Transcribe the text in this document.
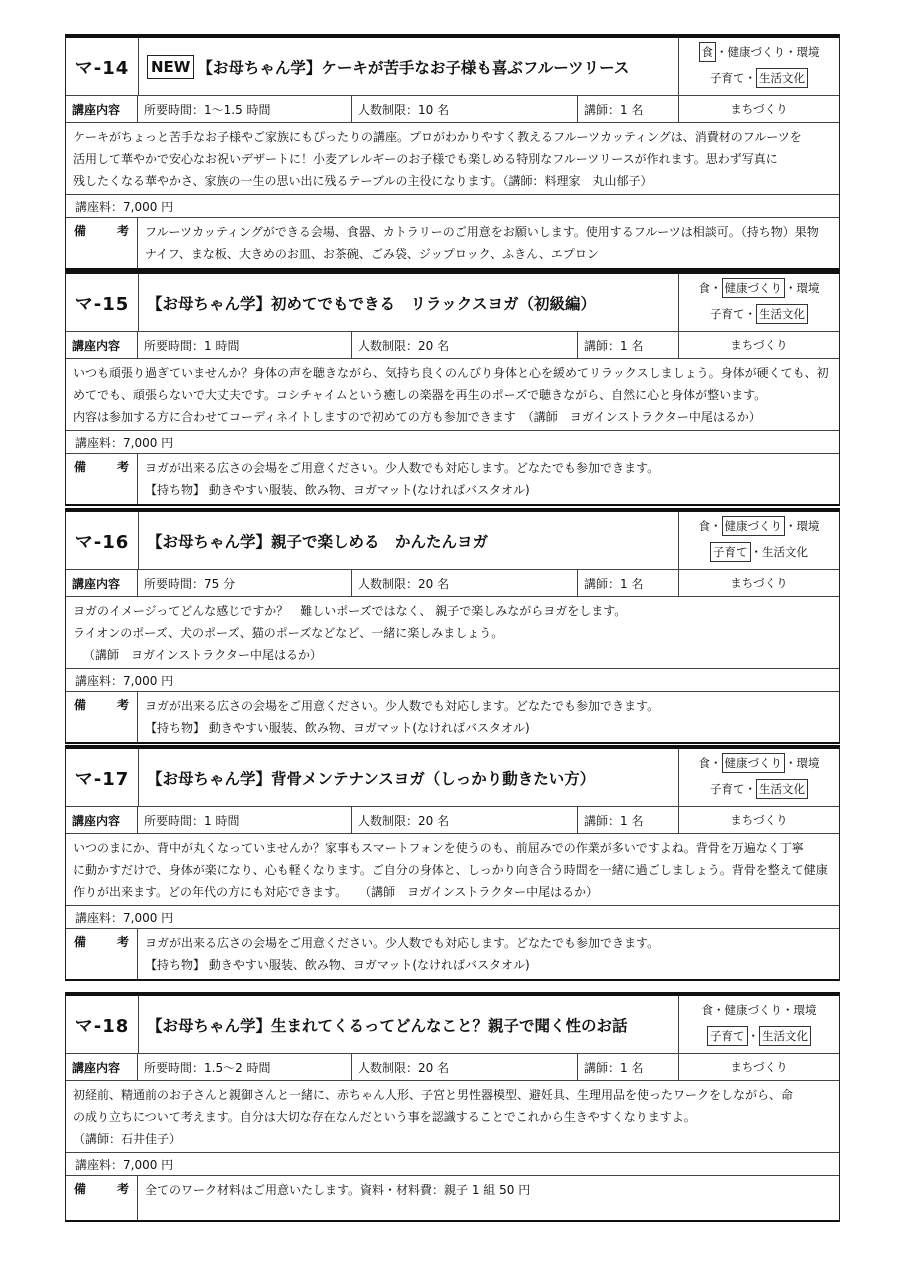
マ-14	NEW 【お母ちゃん学】ケーキが苦手なお子様も喜ぶフルーツリース
食 ・健康づくり・環境
子育て・ 生活文化
講座内容	所要時間：1～1.5 時間	人数制限：10 名	講師：1 名	まちづくり

ケーキがちょっと苦手なお子様やご家族にもぴったりの講座。プロがわかりやすく教えるフルーツカッティングは、消費材のフルーツを

活用して華やかで安心なお祝いデザートに！小麦アレルギーのお子様でも楽しめる特別なフルーツリースが作れます。思わず写真に

残したくなる華やかさ、家族の一生の思い出に残るテーブルの主役になります。（講師：料理家　丸山郁子）

講座料：7,000 円
備	考 フルーツカッティングができる会場、食器、カトラリーのご用意をお願いします。使用するフルーツは相談可。（持ち物）果物

ナイフ、まな板、大きめのお皿、お茶碗、ごみ袋、ジップロック、ふきん、エプロン

マ-15	【お母ちゃん学】初めてでもできる　リラックスヨガ（初級編）
食・ 健康づくり ・環境
子育て・ 生活文化
講座内容	所要時間：1 時間	人数制限：20 名	講師：1 名	まちづくり

いつも頑張り過ぎていませんか？身体の声を聴きながら、気持ち良くのんびり身体と心を緩めてリラックスしましょう。身体が硬くても、初

めてでも、頑張らないで大丈夫です。コシチャイムという癒しの楽器を再生のポーズで聴きながら、自然に心と身体が整います。

内容は参加する方に合わせてコーディネイトしますので初めての方も参加できます　（講師　ヨガインストラクター中尾はるか）

講座料：7,000 円
備	考 ヨガが出来る広さの会場をご用意ください。少人数でも対応します。どなたでも参加できます。

【持ち物】 動きやすい服装、飲み物、ヨガマット(なければバスタオル)

マ-16	【お母ちゃん学】親子で楽しめる　かんたんヨガ
食・ 健康づくり ・環境
子育て ・生活文化
講座内容	所要時間：75 分	人数制限：20 名	講師：1 名	まちづくり

ヨガのイメージってどんな感じですか？　難しいポーズではなく、 親子で楽しみながらヨガをします。

ライオンのポーズ、犬のポーズ、猫のポーズなどなど、一緒に楽しみましょう。

（講師　ヨガインストラクター中尾はるか）

講座料：7,000 円
備	考 ヨガが出来る広さの会場をご用意ください。少人数でも対応します。どなたでも参加できます。

【持ち物】 動きやすい服装、飲み物、ヨガマット(なければバスタオル)

マ-17	【お母ちゃん学】背骨メンテナンスヨガ（しっかり動きたい方）
食・ 健康づくり ・環境
子育て・ 生活文化
講座内容	所要時間：1 時間	人数制限：20 名	講師：1 名	まちづくり

いつのまにか、背中が丸くなっていませんか？家事もスマートフォンを使うのも、前屈みでの作業が多いですよね。背骨を万遍なく丁寧

に動かすだけで、身体が楽になり、心も軽くなります。ご自分の身体と、しっかり向き合う時間を一緒に過ごしましょう。背骨を整えて健康

作りが出来ます。どの年代の方にも対応できます。　　（講師　ヨガインストラクター中尾はるか）

講座料：7,000 円
備	考 ヨガが出来る広さの会場をご用意ください。少人数でも対応します。どなたでも参加できます。

【持ち物】 動きやすい服装、飲み物、ヨガマット(なければバスタオル)

マ-18	【お母ちゃん学】生まれてくるってどんなこと？親子で聞く性のお話
食・健康づくり・環境
子育て ・ 生活文化
講座内容	所要時間：1.5～2 時間	人数制限：20 名	講師：1 名	まちづくり

初経前、精通前のお子さんと親御さんと一緒に、赤ちゃん人形、子宮と男性器模型、避妊具、生理用品を使ったワークをしながら、命

の成り立ちについて考えます。自分は大切な存在なんだという事を認識することでこれから生きやすくなりますよ。

（講師：石井佳子）

講座料：7,000 円
備	考 全てのワーク材料はご用意いたします。資料・材料費：親子 1 組 50 円
